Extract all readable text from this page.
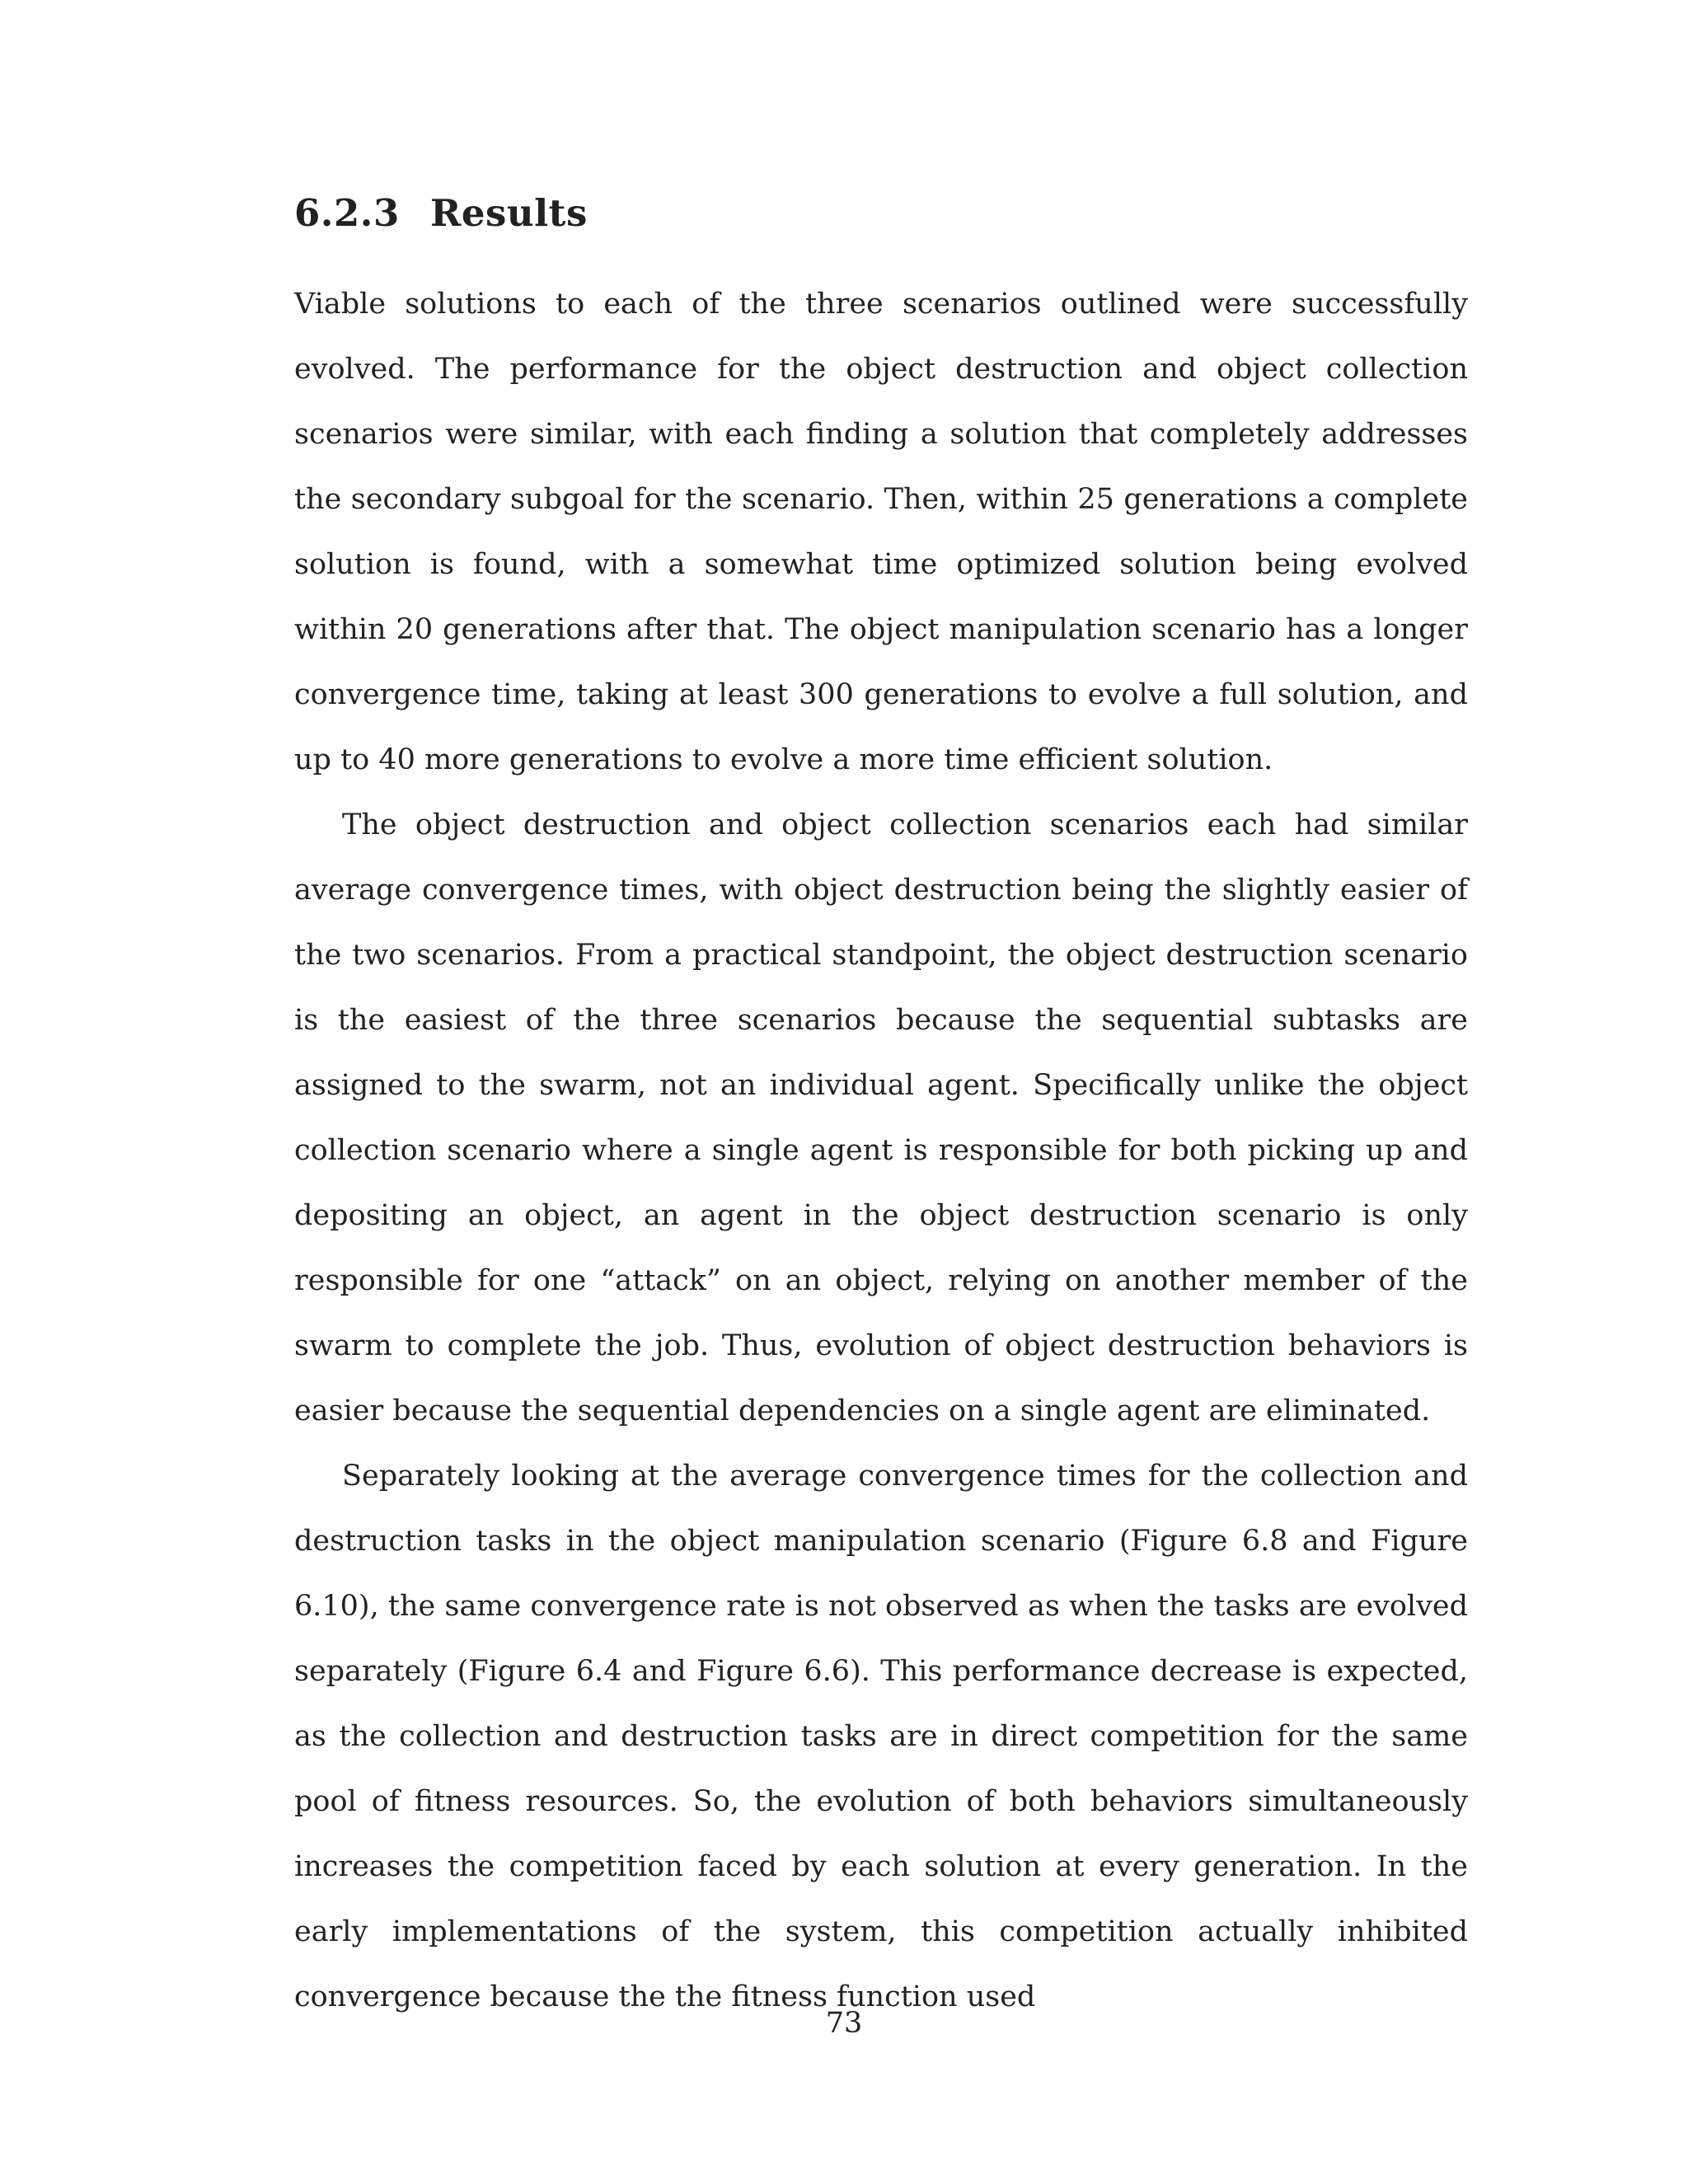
6.2.3 Results

Viable solutions to each of the three scenarios outlined were successfully evolved. The performance for the object destruction and object collection scenarios were similar, with each finding a solution that completely addresses the secondary subgoal for the scenario. Then, within 25 generations a complete solution is found, with a somewhat time optimized solution being evolved within 20 generations after that. The object manipulation scenario has a longer convergence time, taking at least 300 generations to evolve a full solution, and up to 40 more generations to evolve a more time efficient solution.

The object destruction and object collection scenarios each had similar average convergence times, with object destruction being the slightly easier of the two scenarios. From a practical standpoint, the object destruction scenario is the easiest of the three scenarios because the sequential subtasks are assigned to the swarm, not an individual agent. Specifically unlike the object collection scenario where a single agent is responsible for both picking up and depositing an object, an agent in the object destruction scenario is only responsible for one “attack” on an object, relying on another member of the swarm to complete the job. Thus, evolution of object destruction behaviors is easier because the sequential dependencies on a single agent are eliminated.

Separately looking at the average convergence times for the collection and destruction tasks in the object manipulation scenario (Figure 6.8 and Figure 6.10), the same convergence rate is not observed as when the tasks are evolved separately (Figure 6.4 and Figure 6.6). This performance decrease is expected, as the collection and destruction tasks are in direct competition for the same pool of fitness resources. So, the evolution of both behaviors simultaneously increases the competition faced by each solution at every generation. In the early implementations of the system, this competition actually inhibited convergence because the the fitness function used

73
